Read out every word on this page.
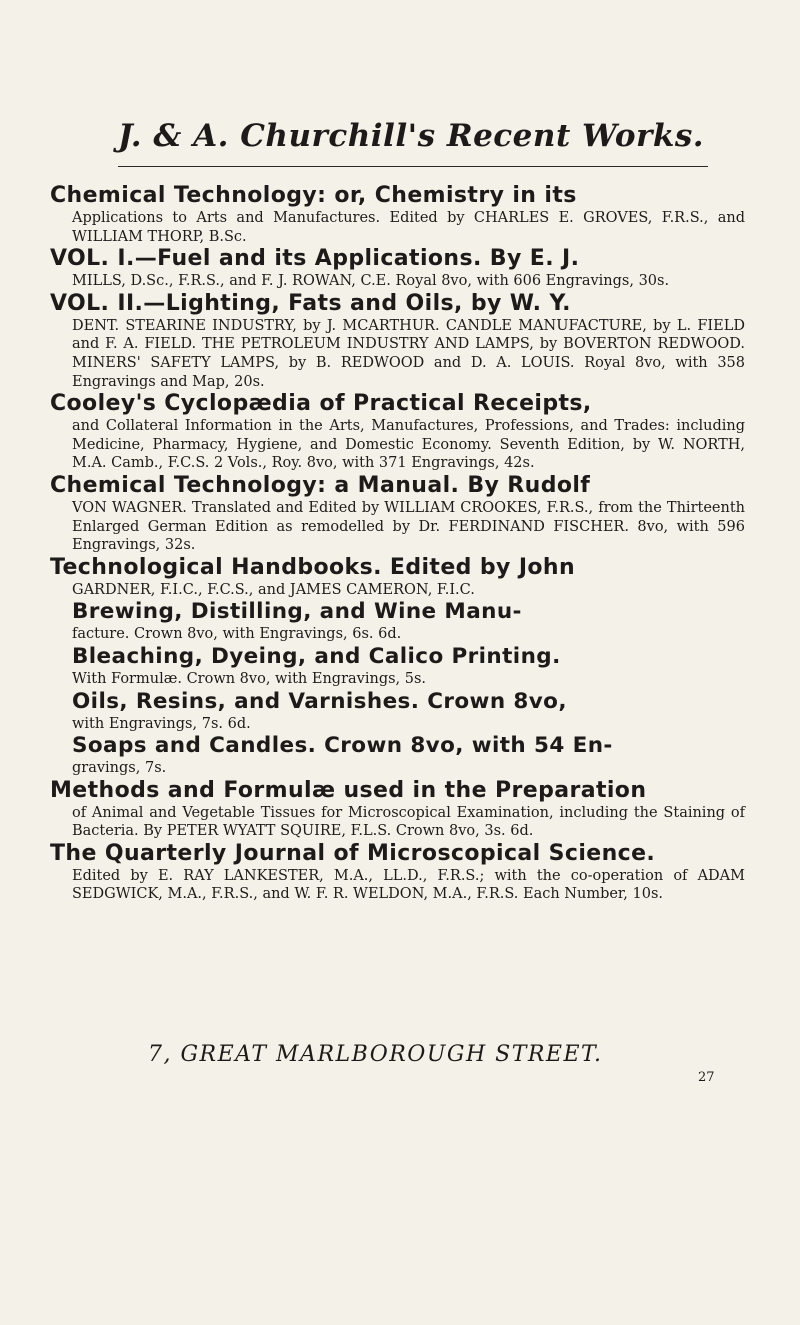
J. & A. Churchill's Recent Works.
Chemical Technology: or, Chemistry in its
Applications to Arts and Manufactures. Edited by CHARLES E. GROVES, F.R.S., and WILLIAM THORP, B.Sc.
VOL. I.—Fuel and its Applications. By E. J.
MILLS, D.Sc., F.R.S., and F. J. ROWAN, C.E. Royal 8vo, with 606 Engravings, 30s.
VOL. II.—Lighting, Fats and Oils, by W. Y.
DENT. STEARINE INDUSTRY, by J. MCARTHUR. CANDLE MANUFACTURE, by L. FIELD and F. A. FIELD. THE PETROLEUM INDUSTRY AND LAMPS, by BOVERTON REDWOOD. MINERS' SAFETY LAMPS, by B. REDWOOD and D. A. LOUIS. Royal 8vo, with 358 Engravings and Map, 20s.
Cooley's Cyclopædia of Practical Receipts,
and Collateral Information in the Arts, Manufactures, Professions, and Trades: including Medicine, Pharmacy, Hygiene, and Domestic Economy. Seventh Edition, by W. NORTH, M.A. Camb., F.C.S. 2 Vols., Roy. 8vo, with 371 Engravings, 42s.
Chemical Technology: a Manual. By Rudolf
VON WAGNER. Translated and Edited by WILLIAM CROOKES, F.R.S., from the Thirteenth Enlarged German Edition as remodelled by Dr. FERDINAND FISCHER. 8vo, with 596 Engravings, 32s.
Technological Handbooks. Edited by John
GARDNER, F.I.C., F.C.S., and JAMES CAMERON, F.I.C.
Brewing, Distilling, and Wine Manu-
facture. Crown 8vo, with Engravings, 6s. 6d.
Bleaching, Dyeing, and Calico Printing.
With Formulæ. Crown 8vo, with Engravings, 5s.
Oils, Resins, and Varnishes. Crown 8vo,
with Engravings, 7s. 6d.
Soaps and Candles. Crown 8vo, with 54 En-
gravings, 7s.
Methods and Formulæ used in the Preparation
of Animal and Vegetable Tissues for Microscopical Examination, including the Staining of Bacteria. By PETER WYATT SQUIRE, F.L.S. Crown 8vo, 3s. 6d.
The Quarterly Journal of Microscopical Science.
Edited by E. RAY LANKESTER, M.A., LL.D., F.R.S.; with the co-operation of ADAM SEDGWICK, M.A., F.R.S., and W. F. R. WELDON, M.A., F.R.S. Each Number, 10s.
7, GREAT MARLBOROUGH STREET.
27
